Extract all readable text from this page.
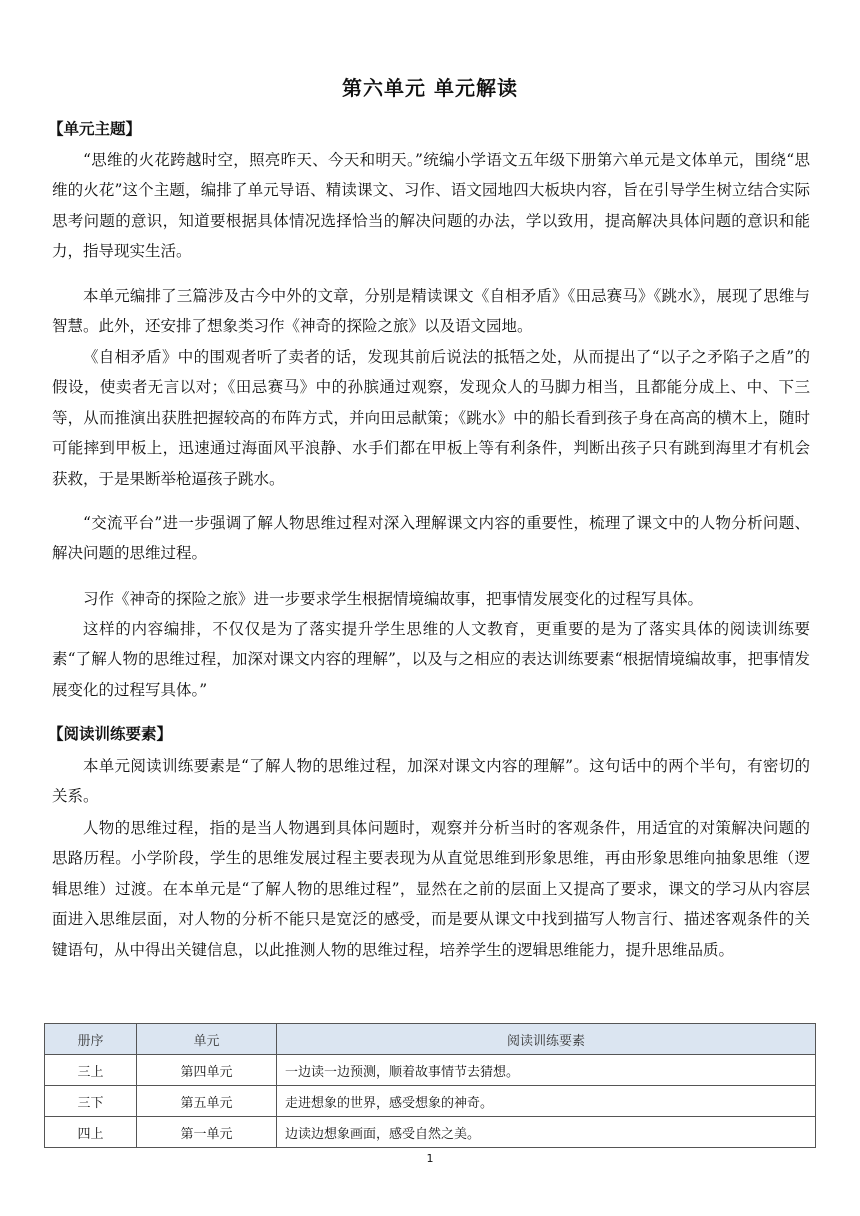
第六单元 单元解读
【单元主题】

“思维的火花跨越时空，照亮昨天、今天和明天。”统编小学语文五年级下册第六单元是文体单元，围绕“思维的火花”这个主题，编排了单元导语、精读课文、习作、语文园地四大板块内容，旨在引导学生树立结合实际思考问题的意识，知道要根据具体情况选择恰当的解决问题的办法，学以致用，提高解决具体问题的意识和能力，指导现实生活。

本单元编排了三篇涉及古今中外的文章，分别是精读课文《自相矛盾》《田忌赛马》《跳水》，展现了思维与智慧。此外，还安排了想象类习作《神奇的探险之旅》以及语文园地。

《自相矛盾》中的围观者听了卖者的话，发现其前后说法的抵牾之处，从而提出了“以子之矛陷子之盾”的假设，使卖者无言以对；《田忌赛马》中的孙膑通过观察，发现众人的马脚力相当，且都能分成上、中、下三等，从而推演出获胜把握较高的布阵方式，并向田忌献策；《跳水》中的船长看到孩子身在高高的横木上，随时可能摔到甲板上，迅速通过海面风平浪静、水手们都在甲板上等有利条件，判断出孩子只有跳到海里才有机会获救，于是果断举枪逼孩子跳水。

“交流平台”进一步强调了解人物思维过程对深入理解课文内容的重要性，梳理了课文中的人物分析问题、解决问题的思维过程。

习作《神奇的探险之旅》进一步要求学生根据情境编故事，把事情发展变化的过程写具体。

这样的内容编排，不仅仅是为了落实提升学生思维的人文教育，更重要的是为了落实具体的阅读训练要素“了解人物的思维过程，加深对课文内容的理解”，以及与之相应的表达训练要素“根据情境编故事，把事情发展变化的过程写具体。”

【阅读训练要素】

本单元阅读训练要素是“了解人物的思维过程，加深对课文内容的理解”。这句话中的两个半句，有密切的关系。

人物的思维过程，指的是当人物遇到具体问题时，观察并分析当时的客观条件，用适宜的对策解决问题的思路历程。小学阶段，学生的思维发展过程主要表现为从直觉思维到形象思维，再由形象思维向抽象思维（逻辑思维）过渡。在本单元是“了解人物的思维过程”，显然在之前的层面上又提高了要求，课文的学习从内容层面进入思维层面，对人物的分析不能只是宽泛的感受，而是要从课文中找到描写人物言行、描述客观条件的关键语句，从中得出关键信息，以此推测人物的思维过程，培养学生的逻辑思维能力，提升思维品质。

册序	单元	阅读训练要素
三上	第四单元	一边读一边预测，顺着故事情节去猜想。
三下	第五单元	走进想象的世界，感受想象的神奇。
四上	第一单元	边读边想象画面，感受自然之美。
1
